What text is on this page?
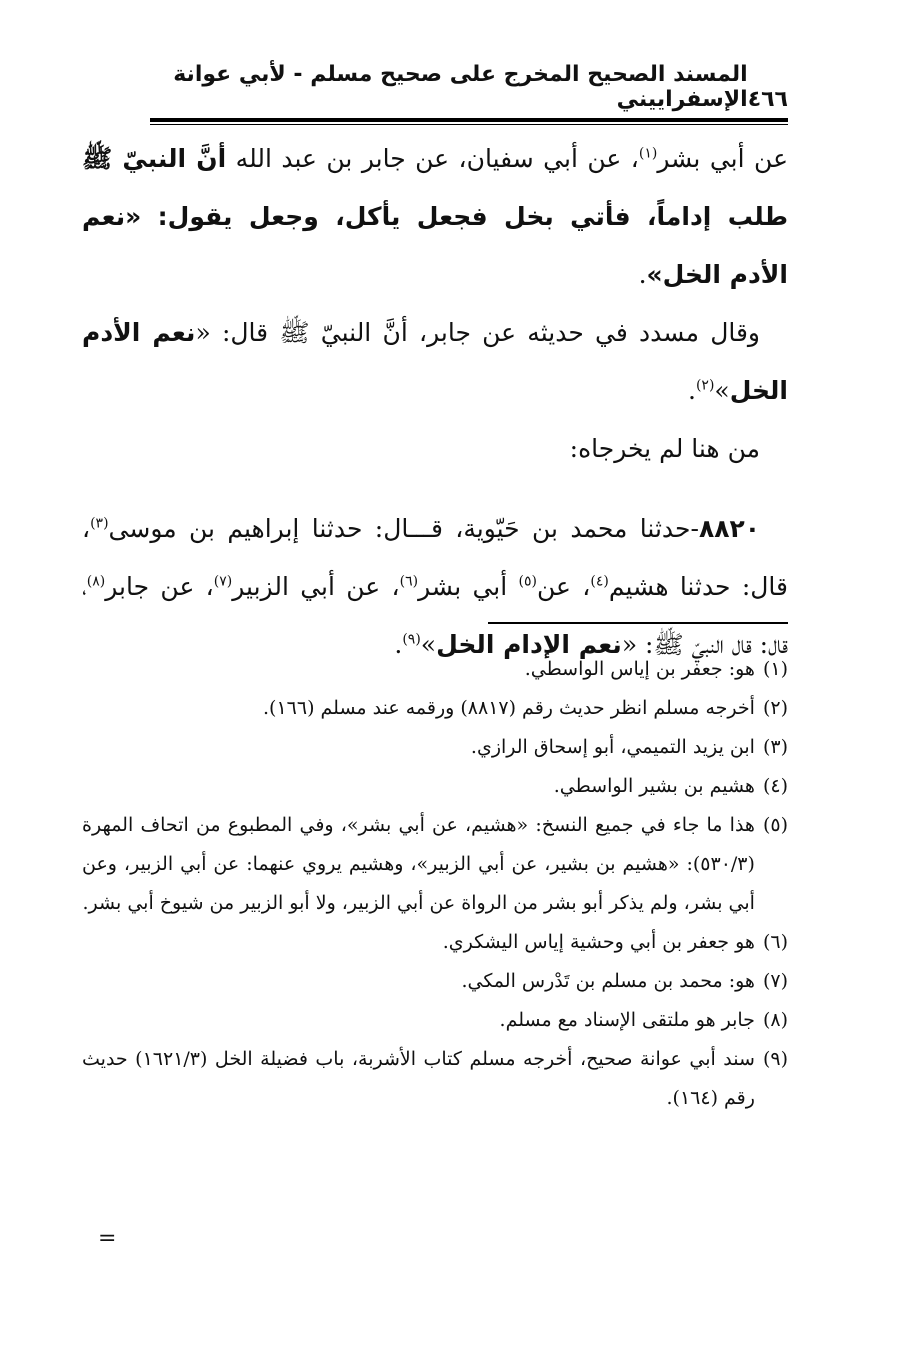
٤٦٦
المسند الصحيح المخرج على صحيح مسلم - لأبي عوانة الإسفراييني

عن أبي بشر$^{(١)}$، عن أبي سفيان، عن جابر بن عبد الله أنَّ النبيّ ﷺ طلب إداماً، فأتي بخل فجعل يأكل، وجعل يقول: «نعم الأدم الخل».

وقال مسدد في حديثه عن جابر، أنَّ النبيّ ﷺ قال: «نعم الأدم الخل»$^{(٢)}$.

من هنا لم يخرجاه:

٨٨٢٠-حدثنا محمد بن حَيّوية، قـــال: حدثنا إبراهيم بن موسى$^{(٣)}$، قال: حدثنا هشيم$^{(٤)}$، عن$^{(٥)}$ أبي بشر$^{(٦)}$، عن أبي الزبير$^{(٧)}$، عن جابر$^{(٨)}$، قال: قال النبيّ ﷺ: «نعم الإدام الخل»$^{(٩)}$.

(١)
هو: جعفر بن إياس الواسطي.
(٢)
أخرجه مسلم انظر حديث رقم (٨٨١٧) ورقمه عند مسلم (١٦٦).
(٣)
ابن يزيد التميمي، أبو إسحاق الرازي.
(٤)
هشيم بن بشير الواسطي.
(٥)
هذا ما جاء في جميع النسخ: «هشيم، عن أبي بشر»، وفي المطبوع من اتحاف المهرة (٥٣٠/٣): «هشيم بن بشير، عن أبي الزبير»، وهشيم يروي عنهما: عن أبي الزبير، وعن أبي بشر، ولم يذكر أبو بشر من الرواة عن أبي الزبير، ولا أبو الزبير من شيوخ أبي بشر.
(٦)
هو جعفر بن أبي وحشية إياس اليشكري.
(٧)
هو: محمد بن مسلم بن تَدْرس المكي.
(٨)
جابر هو ملتقى الإسناد مع مسلم.
(٩)
سند أبي عوانة صحيح، أخرجه مسلم كتاب الأشربة، باب فضيلة الخل (١٦٢١/٣) حديث رقم (١٦٤).
=
